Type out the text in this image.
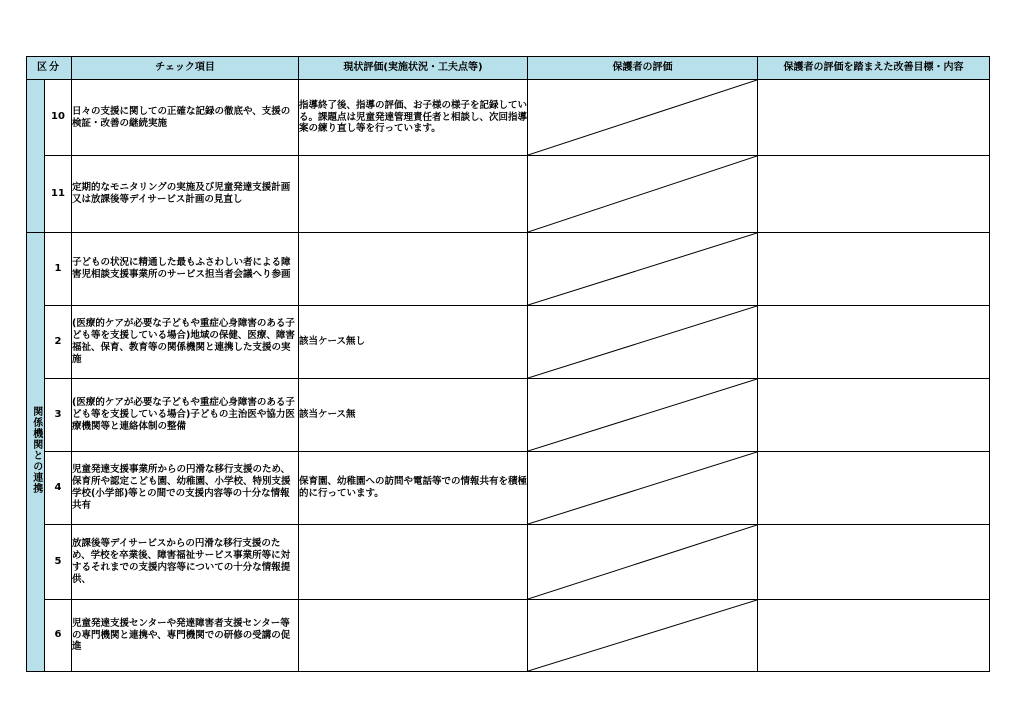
区分		チェック項目	現状評価(実施状況・工夫点等)	保護者の評価	保護者の評価を踏まえた改善目標・内容
	10	日々の支援に関しての正確な記録の徹底や、支援の検証・改善の継続実施	指導終了後、指導の評価、お子様の様子を記録している。課題点は児童発達管理責任者と相談し、次回指導案の練り直し等を行っています。	

	11	定期的なモニタリングの実施及び児童発達支援計画又は放課後等デイサービス計画の見直し		

関係機関との連携	1	子どもの状況に精通した最もふさわしい者による障害児相談支援事業所のサービス担当者会議へり参画		

	2	(医療的ケアが必要な子どもや重症心身障害のある子ども等を支援している場合)地域の保健、医療、障害福祉、保育、教育等の関係機関と連携した支援の実施	該当ケース無し	

	3	(医療的ケアが必要な子どもや重症心身障害のある子ども等を支援している場合)子どもの主治医や協力医療機関等と連絡体制の整備	該当ケース無	

	4	児童発達支援事業所からの円滑な移行支援のため、保育所や認定こども園、幼稚園、小学校、特別支援学校(小学部)等との間での支援内容等の十分な情報共有	保育園、幼稚園への訪問や電話等での情報共有を積極的に行っています。	

	5	放課後等デイサービスからの円滑な移行支援のため、学校を卒業後、障害福祉サービス事業所等に対するそれまでの支援内容等についての十分な情報提供、		

	6	児童発達支援センターや発達障害者支援センター等の専門機関と連携や、専門機関での研修の受講の促進		
